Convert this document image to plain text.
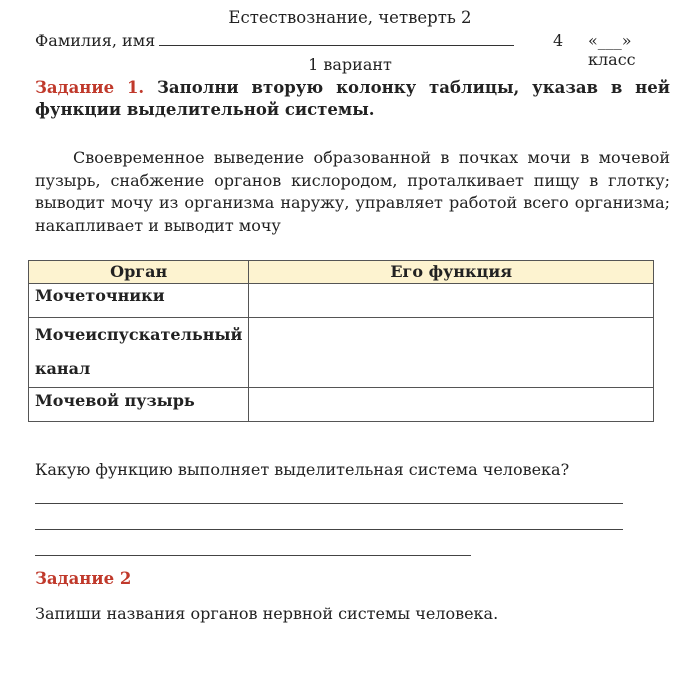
Естествознание, четверть 2
Фамилия, имя	4 «___» класс
1 вариант
Задание 1. Заполни вторую колонку таблицы, указав в ней функции выделительной системы.
Своевременное выведение образованной в почках мочи в мочевой пузырь, снабжение органов кислородом, проталкивает пищу в глотку; выводит мочу из организма наружу, управляет работой всего организма; накапливает и выводит мочу
Орган	Его функция
Мочеточники	
Мочеиспускательный канал	
Мочевой пузырь	
Какую функцию выполняет выделительная система человека?
Задание 2
Запиши названия органов нервной системы человека.
